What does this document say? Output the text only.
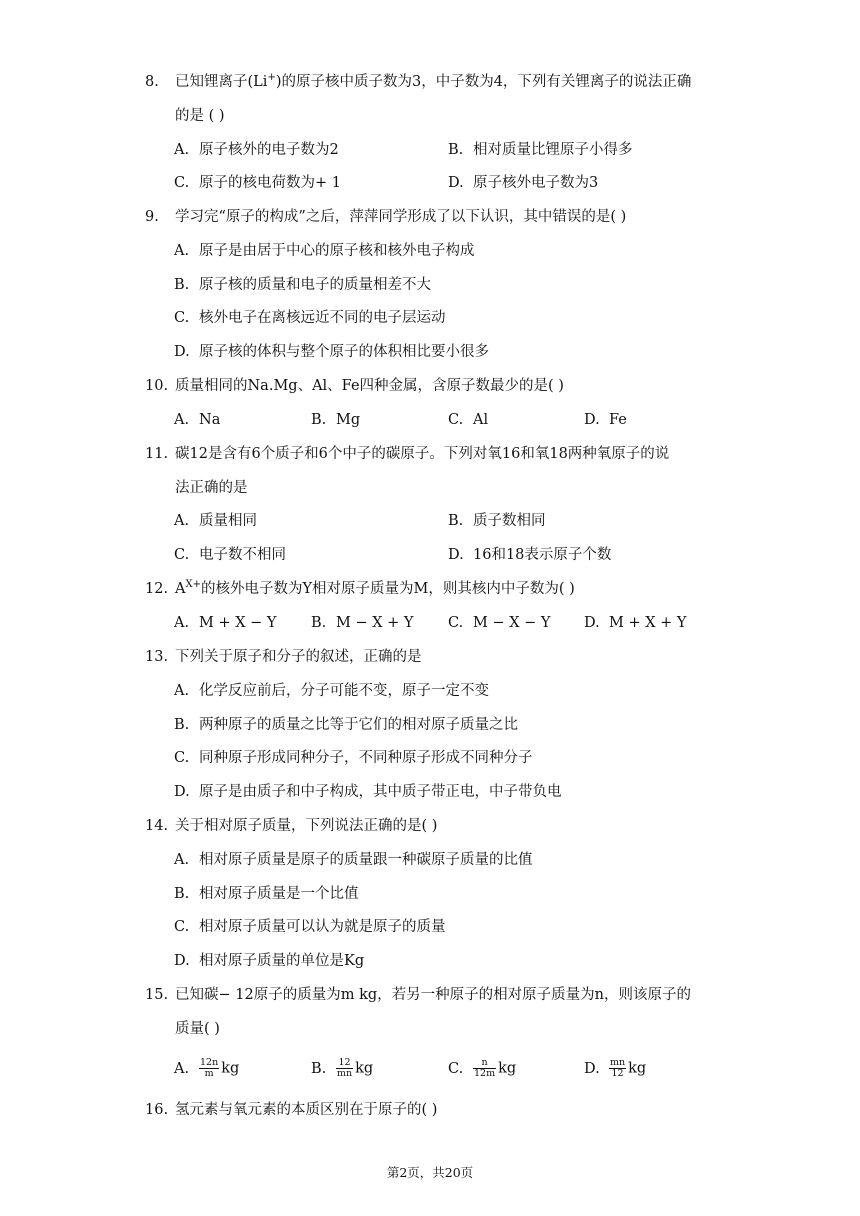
8. 已知锂离子(Li+)的原子核中质子数为3，中子数为4，下列有关锂离子的说法正确
的是 ( )
A. 原子核外的电子数为2	B. 相对质量比锂原子小得多
C. 原子的核电荷数为+ 1	D. 原子核外电子数为3
9. 学习完“原子的构成”之后，萍萍同学形成了以下认识，其中错误的是( )
A. 原子是由居于中心的原子核和核外电子构成
B. 原子核的质量和电子的质量相差不大
C. 核外电子在离核远近不同的电子层运动
D. 原子核的体积与整个原子的体积相比要小很多
10. 质量相同的Na.Mg、Al、Fe四种金属，含原子数最少的是( )
A. Na	B. Mg	C. Al	D. Fe
11. 碳12是含有6个质子和6个中子的碳原子。下列对氧16和氧18两种氧原子的说
法正确的是
A. 质量相同	B. 质子数相同
C. 电子数不相同	D. 16和18表示原子个数
12. $A^{X+}$的核外电子数为Y相对原子质量为M，则其核内中子数为( )
A. M + X − Y B. M − X + Y C. M − X − Y D. M + X + Y
13. 下列关于原子和分子的叙述，正确的是
A. 化学反应前后，分子可能不变，原子一定不变
B. 两种原子的质量之比等于它们的相对原子质量之比
C. 同种原子形成同种分子，不同种原子形成不同种分子
D. 原子是由质子和中子构成，其中质子带正电，中子带负电
14. 关于相对原子质量，下列说法正确的是( )
A. 相对原子质量是原子的质量跟一种碳原子质量的比值
B. 相对原子质量是一个比值
C. 相对原子质量可以认为就是原子的质量
D. 相对原子质量的单位是Kg
15. 已知碳− 12原子的质量为m kg，若另一种原子的相对原子质量为n，则该原子的
质量( )
A. $\frac{12n}{m}$ kg	B. $\frac{12}{mn}$ kg	C. $\frac{n}{12m}$ kg	D. $\frac{mn}{12}$ kg
16. 氢元素与氧元素的本质区别在于原子的( )
第2页，共20页
